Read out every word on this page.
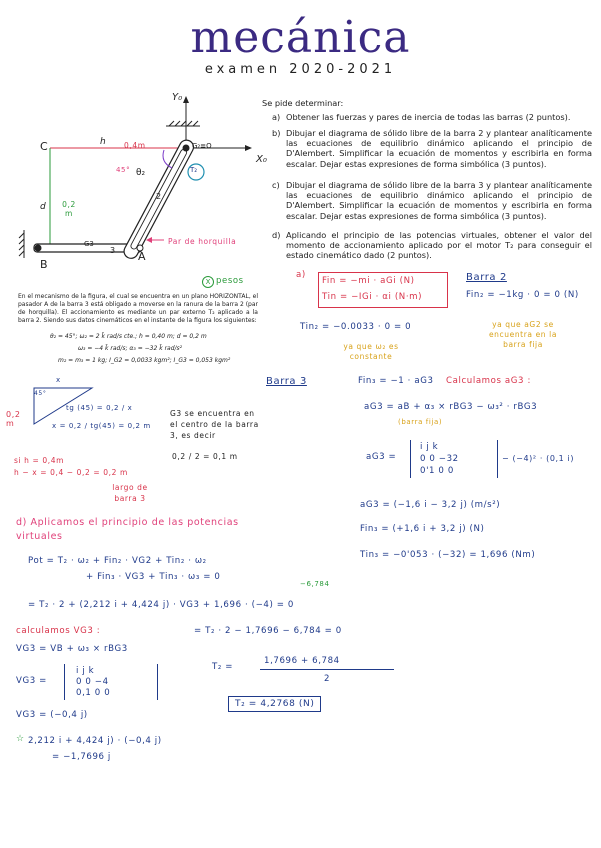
mecánica
examen 2020-2021
Y₀
X₀
C	h
d
B
A
G3
G₂≡O
2
3
θ₂	T₂
0,4m
0,2 m
45°
Par de horquilla
X pesos
En el mecanismo de la figura, el cual se encuentra en un plano HORIZONTAL, el pasador A de la barra 3 está obligado a moverse en la ranura de la barra 2 (par de horquilla). El accionamiento es mediante un par externo T₂ aplicado a la barra 2. Siendo sus datos cinemáticos en el instante de la figura los siguientes:
θ₂ = 45°; ω₂ = 2 k̄ rad/s cte.; h = 0,40 m; d = 0,2 m
ω₃ = −4 k̄ rad/s; α₃ = −32 k̄ rad/s²
m₂ = m₃ = 1 kg; I_G2 = 0,0033 kgm²; I_G3 = 0,053 kgm²
Se pide determinar:
a) Obtener las fuerzas y pares de inercia de todas las barras (2 puntos).
b) Dibujar el diagrama de sólido libre de la barra 2 y plantear analíticamente las ecuaciones de equilibrio dinámico aplicando el principio de D'Alembert. Simplificar la ecuación de momentos y escribirla en forma escalar. Dejar estas expresiones de forma simbólica (3 puntos).
c) Dibujar el diagrama de sólido libre de la barra 3 y plantear analíticamente las ecuaciones de equilibrio dinámico aplicando el principio de D'Alembert. Simplificar la ecuación de momentos y escribirla en forma escalar. Dejar estas expresiones de forma simbólica (3 puntos).
d) Aplicando el principio de las potencias virtuales, obtener el valor del momento de accionamiento aplicado por el motor T₂ para conseguir el estado cinemático dado (2 puntos).
a)
Fin = −mi · aGi (N)
Tin = −IGi · αi (N·m)
Barra 2
Fin₂ = −1kg · 0 = 0 (N)
Tin₂ = −0.0033 · 0 = 0
ya que ω₂ es constante
ya que aG2 se encuentra en la barra fija
Barra 3	Fin₃ = −1 · aG3 Calculamos aG3 :
aG3 = aB + α₃ × rBG3 − ω₃² · rBG3
(barra fija)
aG3 =
i j k
0 0 −32
0'1 0 0
− (−4)² · (0,1 i)
aG3 = (−1,6 i − 3,2 j) (m/s²)
Fin₃ = (+1,6 i + 3,2 j) (N)
Tin₃ = −0'053 · (−32) = 1,696 (Nm)
x
45°
0,2 m
tg (45) = 0,2 / x
x = 0,2 / tg(45) = 0,2 m
G3 se encuentra en el centro de la barra 3, es decir
0,2 / 2 = 0,1 m
si h = 0,4m
h − x = 0,4 − 0,2 = 0,2 m
largo de barra 3
d) Aplicamos el principio de las potencias virtuales
Pot = T₂ · ω₂ + Fin₂ · VG2 + Tin₂ · ω₂
+ Fin₃ · VG3 + Tin₃ · ω₃ = 0
−6,784
= T₂ · 2 + (2,212 i + 4,424 j) · VG3 + 1,696 · (−4) = 0
calculamos VG3 :	= T₂ · 2 − 1,7696 − 6,784 = 0
VG3 = VB + ω₃ × rBG3
VG3 =
i j k
0 0 −4
0,1 0 0
T₂ =
1,7696 + 6,784
2
T₂ = 4,2768 (N)
VG3 = (−0,4 j)
☆ 2,212 i + 4,424 j) · (−0,4 j)
= −1,7696 j
